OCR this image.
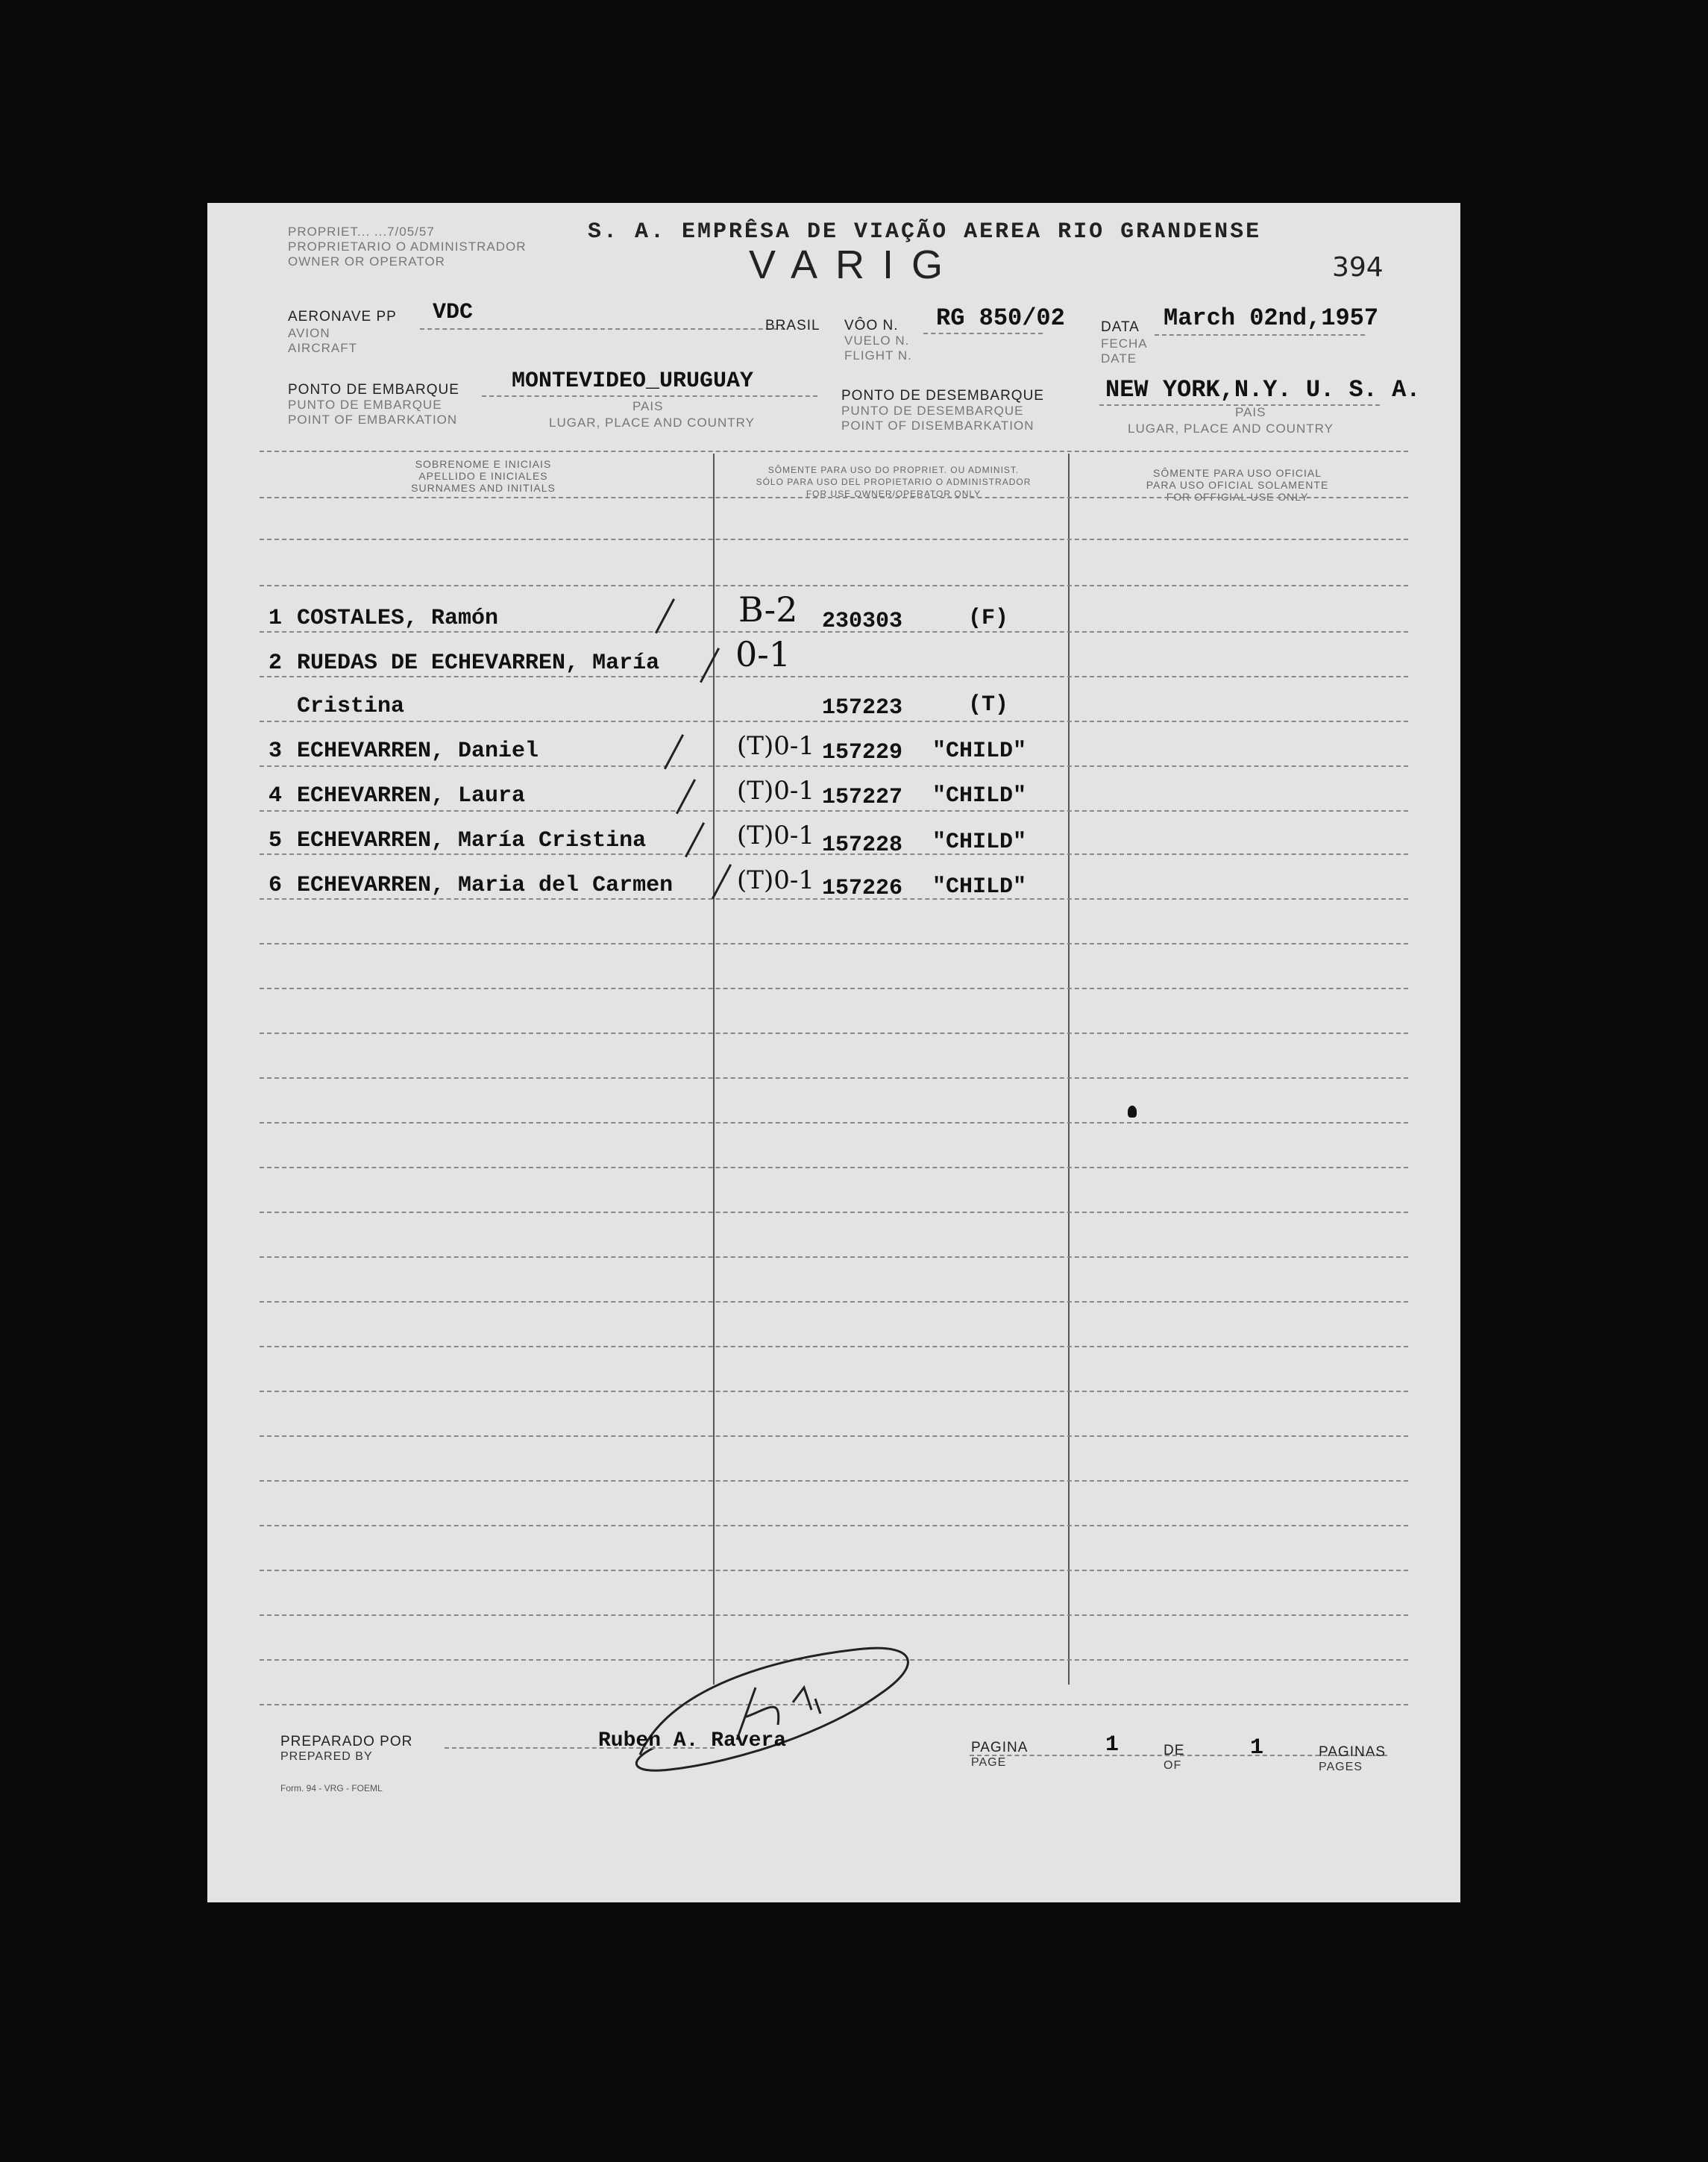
PROPRIET... ...7/05/57
PROPRIETARIO O ADMINISTRADOR
OWNER OR OPERATOR
S. A. EMPRÊSA DE VIAÇÃO AEREA RIO GRANDENSE
VARIG	394
AERONAVE PP
AVION
AIRCRAFT
VDC
BRASIL VÔO N.
VUELO N.
FLIGHT N.
RG 850/02	DATA
FECHA
DATE
March 02nd,1957
PONTO DE EMBARQUE
PUNTO DE EMBARQUE
POINT OF EMBARKATION
MONTEVIDEO_URUGUAY
PAIS
LUGAR, PLACE AND COUNTRY
PONTO DE DESEMBARQUE
PUNTO DE DESEMBARQUE
POINT OF DISEMBARKATION
NEW YORK,N.Y. U. S. A.
PAIS
LUGAR, PLACE AND COUNTRY
SOBRENOME E INICIAIS
APELLIDO E INICIALES
SURNAMES AND INITIALS
SÔMENTE PARA USO DO PROPRIET. OU ADMINIST.
SÓLO PARA USO DEL PROPIETARIO O ADMINISTRADOR
FOR USE OWNER/OPERATOR ONLY
SÔMENTE PARA USO OFICIAL
PARA USO OFICIAL SOLAMENTE
FOR OFFICIAL USE ONLY
1 COSTALES, Ramón	B-2 230303	(F)
2 RUEDAS DE ECHEVARREN, María 0-1
Cristina	157223	(T)
3 ECHEVARREN, Daniel	(T)0-1 157229 "CHILD"
4 ECHEVARREN, Laura	(T)0-1 157227 "CHILD"
5 ECHEVARREN, María Cristina	(T)0-1 157228 "CHILD"
6 ECHEVARREN, Maria del Carmen	(T)0-1 157226 "CHILD"
PREPARADO POR
PREPARED BY
Ruben A. Ravera	PAGINA
PAGE
1	DE
OF
1	PAGINAS
PAGES
Form. 94 - VRG - FOEML
